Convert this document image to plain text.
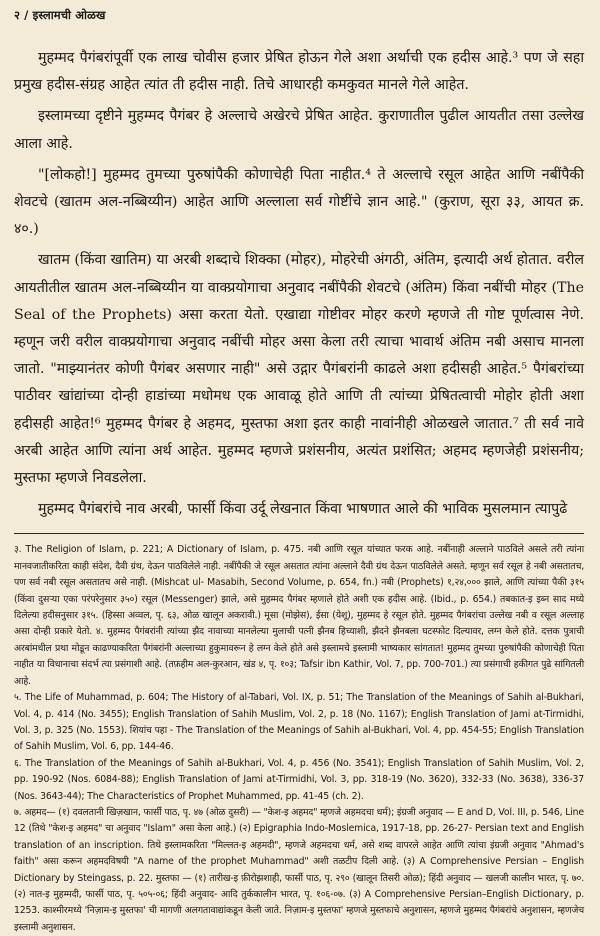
२ / इस्लामची ओळख

मुहम्मद पैगंबरांपूर्वी एक लाख चोवीस हजार प्रेषित होऊन गेले अशा अर्थाची एक हदीस आहे.³ पण जे सहा प्रमुख हदीस-संग्रह आहेत त्यांत ती हदीस नाही. तिचे आधारही कमकुवत मानले गेले आहेत.

इस्लामच्या दृष्टीने मुहम्मद पैगंबर हे अल्लाचे अखेरचे प्रेषित आहेत. कुराणातील पुढील आयतीत तसा उल्लेख आला आहे.

"[लोकहो!] मुहम्मद तुमच्या पुरुषांपैकी कोणाचेही पिता नाहीत.⁴ ते अल्लाचे रसूल आहेत आणि नबींपैकी शेवटचे (खातम अल-नब्बिय्यीन) आहेत आणि अल्लाला सर्व गोष्टींचे ज्ञान आहे." (कुराण, सूरा ३३, आयत क्र. ४०.)

खातम (किंवा खातिम) या अरबी शब्दाचे शिक्का (मोहर), मोहरेची अंगठी, अंतिम, इत्यादी अर्थ होतात. वरील आयतीतील खातम अल-नब्बिय्यीन या वाक्प्रयोगाचा अनुवाद नबींपैकी शेवटचे (अंतिम) किंवा नबींची मोहर (The Seal of the Prophets) असा करता येतो. एखाद्या गोष्टीवर मोहर करणे म्हणजे ती गोष्ट पूर्णत्वास नेणे. म्हणून जरी वरील वाक्प्रयोगाचा अनुवाद नबींची मोहर असा केला तरी त्याचा भावार्थ अंतिम नबी असाच मानला जातो. "माझ्यानंतर कोणी पैगंबर असणार नाही" असे उद्गार पैगंबरांनी काढले अशा हदीसही आहेत.⁵ पैगंबरांच्या पाठीवर खांद्यांच्या दोन्ही हाडांच्या मधोमध एक आवाळू होते आणि ती त्यांच्या प्रेषितत्वाची मोहोर होती अशा हदीसही आहेत!⁶ मुहम्मद पैगंबर हे अहमद, मुस्तफा अशा इतर काही नावांनीही ओळखले जातात.⁷ ती सर्व नावे अरबी आहेत आणि त्यांना अर्थ आहेत. मुहम्मद म्हणजे प्रशंसनीय, अत्यंत प्रशंसित; अहमद म्हणजेही प्रशंसनीय; मुस्तफा म्हणजे निवडलेला.

मुहम्मद पैगंबरांचे नाव अरबी, फार्सी किंवा उर्दू लेखनात किंवा भाषणात आले की भाविक मुसलमान त्यापुढे

३. The Religion of Islam, p. 221; A Dictionary of Islam, p. 475. नबी आणि रसूल यांच्यात फरक आहे. नबींनाही अल्लाने पाठविले असले तरी त्यांना मानवजातीकरिता काही संदेश, दैवी ग्रंथ, देऊन पाठविलेले नाही. नबींपैकी जे रसूल असतात त्यांना अल्लाने दैवी ग्रंथ देऊन पाठविलेले असते. म्हणून सर्व रसूल हे नबी असतातच, पण सर्व नबी रसूल असतातच असे नाही. (Mishcat ul- Masabih, Second Volume, p. 654, fn.) नबी (Prophets) १,२४,००० झाले, आणि त्यांच्या पैकी ३१५ (किंवा दुसऱ्या एका परंपरेनुसार ३५०) रसूल (Messenger) झाले, असे मुहम्मद पैगंबर म्हणाले होते अशी एक हदीस आहे. (Ibid., p. 654.) तबकात-इ इब्न साद मध्ये दिलेल्या हदीसनुसार ३१५. (हिस्सा अव्वल, पृ. ६३, ओळ खालून अकरावी.) मूसा (मोझेस), ईसा (येशू), मुहम्मद हे रसूल होते. मुहम्मद पैगंबरांचा उल्लेख नबी व रसूल अल्लाह असा दोन्ही प्रकारे येतो. ४. मुहम्मद पैगंबरांनी त्यांच्या झैद नावाच्या मानलेल्या मुलाची पत्नी झैनब हिच्याशी, झैदने झैनबला घटस्फोट दिल्यावर, लग्न केले होते. दत्तक पुत्राची अरबांमधील प्रथा मोडून काढण्याकरिता पैगंबरांनी अल्लाच्या हुकुमावरून हे लग्न केले होते असे इस्लामचे इस्लामी भाष्यकार सांगतात! मुहम्मद तुमच्या पुरुषांपैकी कोणाचेही पिता नाहीत या विधानाचा संदर्भ त्या प्रसंगाशी आहे. (तफ़हीम अल-कुरआन, खंड ४, पृ. १०३; Tafsir ibn Kathir, Vol. 7, pp. 700-701.) त्या प्रसंगाची हकीगत पुढे सांगितली आहे.

५. The Life of Muhammad, p. 604; The History of al-Tabari, Vol. IX, p. 51; The Translation of the Meanings of Sahih al-Bukhari, Vol. 4, p. 414 (No. 3455); English Translation of Sahih Muslim, Vol. 2, p. 18 (No. 1167); English Translation of Jami at-Tirmidhi, Vol. 3, p. 325 (No. 1553). शियांच पहा - The Translation of the Meanings of Sahih al-Bukhari, Vol. 4, pp. 454-55; English Translation of Sahih Muslim, Vol. 6, pp. 144-46.

६. The Translation of the Meanings of Sahih al-Bukhari, Vol. 4, p. 456 (No. 3541); English Translation of Sahih Muslim, Vol. 2, pp. 190-92 (Nos. 6084-88); English Translation of Jami at-Tirmidhi, Vol. 3, pp. 318-19 (No. 3620), 332-33 (No. 3638), 336-37 (Nos. 3643-44); The Characteristics of Prophet Muhammed, pp. 41-45 (ch. 2).

७. अहमद— (१) दवलतानी खिज़खान, फार्सी पाठ, पृ. ४७ (ओळ दुसरी) — "केश-इ अहमद" म्हणजे अहमदचा धर्म); इंग्रजी अनुवाद — E and D, Vol. III, p. 546, Line 12 (तिथे "केश-इ अहमद" चा अनुवाद "Islam" असा केला आहे.) (२) Epigraphia Indo-Moslemica, 1917-18, pp. 26-27- Persian text and English translation of an inscription. तिथे इस्लामकरिता "मिल्लत-इ अहमदी", म्हणजे अहमदचा धर्म, असे शब्द वापरले आहेत आणि त्यांचा इंग्रजी अनुवाद "Ahmad's faith" असा करून अहमदविषयी "A name of the prophet Muhammad" अशी तळटीप दिली आहे. (३) A Comprehensive Persian – English Dictionary by Steingass, p. 22. मुस्तफा — (१) तारीख-इ फ़ीरोझशाही, फार्सी पाठ, पृ. २९० (खालून तिसरी ओळ); हिंदी अनुवाद — खलजी कालीन भारत, पृ. ७०. (२) नात-इ मुहम्मदी, फार्सी पाठ, पृ. ५०५-०६; हिंदी अनुवाद- आदि तुर्ककालीन भारत, पृ. १०६-०७. (३) A Comprehensive Persian–English Dictionary, p. 1253. काश्मीरमध्ये 'निज़ाम-इ मुस्तफा' ची मागणी अलगतावाद्यांकडून केली जाते. निज़ाम-इ मुस्तफा' म्हणजे मुस्तफाचे अनुशासन, म्हणजे मुहम्मद पैगंबरांचे अनुशासन, म्हणजेच इस्लामी अनुशासन.
